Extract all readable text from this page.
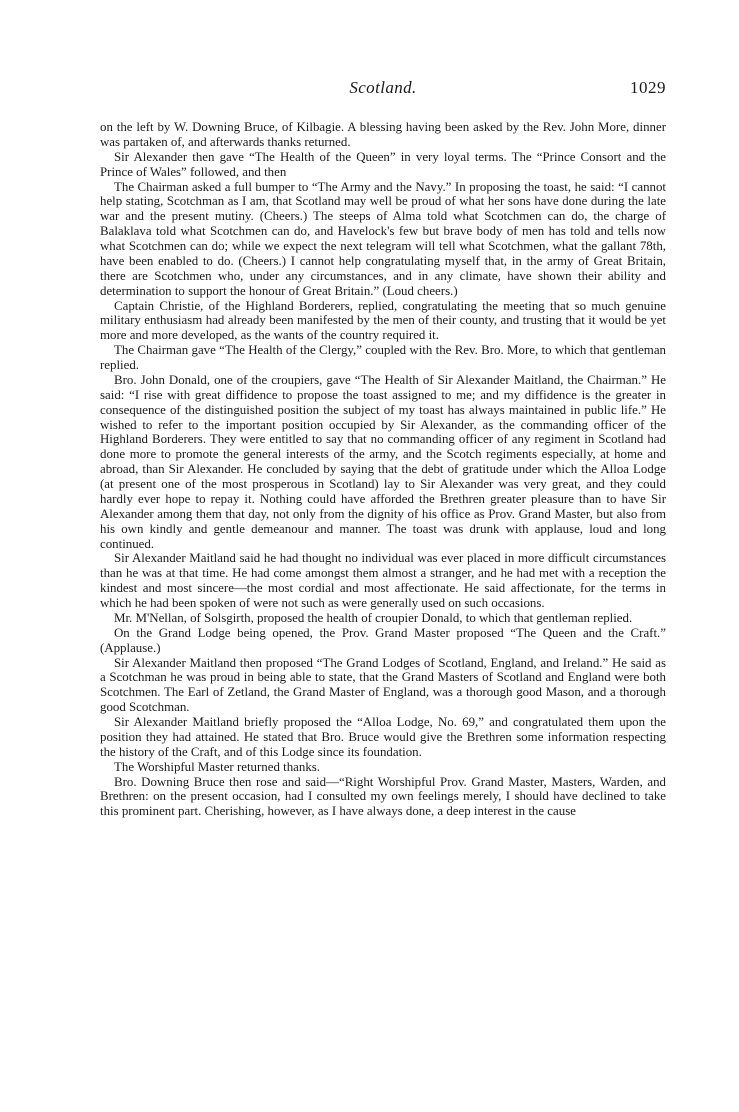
Scotland.	1029

on the left by W. Downing Bruce, of Kilbagie. A blessing having been asked by the Rev. John More, dinner was partaken of, and afterwards thanks returned.

Sir Alexander then gave “The Health of the Queen” in very loyal terms. The “Prince Consort and the Prince of Wales” followed, and then

The Chairman asked a full bumper to “The Army and the Navy.” In proposing the toast, he said: “I cannot help stating, Scotchman as I am, that Scotland may well be proud of what her sons have done during the late war and the present mutiny. (Cheers.) The steeps of Alma told what Scotchmen can do, the charge of Balaklava told what Scotchmen can do, and Havelock's few but brave body of men has told and tells now what Scotchmen can do; while we expect the next telegram will tell what Scotchmen, what the gallant 78th, have been enabled to do. (Cheers.) I cannot help congratulating myself that, in the army of Great Britain, there are Scotchmen who, under any circumstances, and in any climate, have shown their ability and determination to support the honour of Great Britain.” (Loud cheers.)

Captain Christie, of the Highland Borderers, replied, congratulating the meeting that so much genuine military enthusiasm had already been manifested by the men of their county, and trusting that it would be yet more and more developed, as the wants of the country required it.

The Chairman gave “The Health of the Clergy,” coupled with the Rev. Bro. More, to which that gentleman replied.

Bro. John Donald, one of the croupiers, gave “The Health of Sir Alexander Maitland, the Chairman.” He said: “I rise with great diffidence to propose the toast assigned to me; and my diffidence is the greater in consequence of the distinguished position the subject of my toast has always maintained in public life.” He wished to refer to the important position occupied by Sir Alexander, as the commanding officer of the Highland Borderers. They were entitled to say that no commanding officer of any regiment in Scotland had done more to promote the general interests of the army, and the Scotch regiments especially, at home and abroad, than Sir Alexander. He concluded by saying that the debt of gratitude under which the Alloa Lodge (at present one of the most prosperous in Scotland) lay to Sir Alexander was very great, and they could hardly ever hope to repay it. Nothing could have afforded the Brethren greater pleasure than to have Sir Alexander among them that day, not only from the dignity of his office as Prov. Grand Master, but also from his own kindly and gentle demeanour and manner. The toast was drunk with applause, loud and long continued.

Sir Alexander Maitland said he had thought no individual was ever placed in more difficult circumstances than he was at that time. He had come amongst them almost a stranger, and he had met with a reception the kindest and most sincere—the most cordial and most affectionate. He said affectionate, for the terms in which he had been spoken of were not such as were generally used on such occasions.

Mr. M'Nellan, of Solsgirth, proposed the health of croupier Donald, to which that gentleman replied.

On the Grand Lodge being opened, the Prov. Grand Master proposed “The Queen and the Craft.” (Applause.)

Sir Alexander Maitland then proposed “The Grand Lodges of Scotland, England, and Ireland.” He said as a Scotchman he was proud in being able to state, that the Grand Masters of Scotland and England were both Scotchmen. The Earl of Zetland, the Grand Master of England, was a thorough good Mason, and a thorough good Scotchman.

Sir Alexander Maitland briefly proposed the “Alloa Lodge, No. 69,” and congratulated them upon the position they had attained. He stated that Bro. Bruce would give the Brethren some information respecting the history of the Craft, and of this Lodge since its foundation.

The Worshipful Master returned thanks.

Bro. Downing Bruce then rose and said—“Right Worshipful Prov. Grand Master, Masters, Warden, and Brethren: on the present occasion, had I consulted my own feelings merely, I should have declined to take this prominent part. Cherishing, however, as I have always done, a deep interest in the cause
